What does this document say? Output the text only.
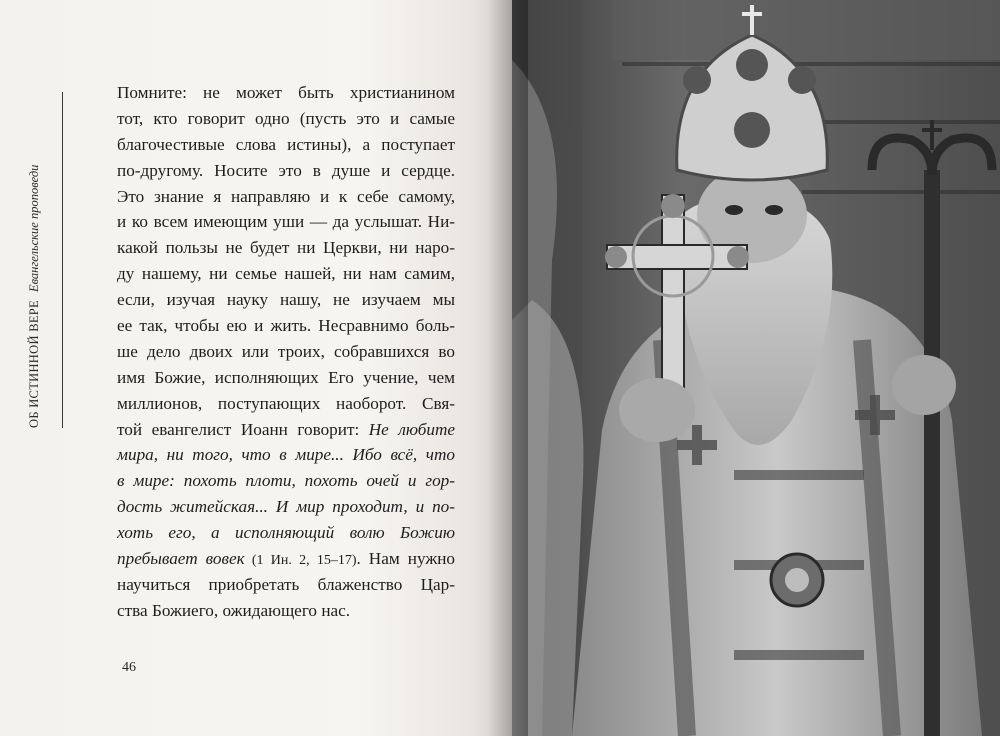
ОБ ИСТИННОЙ ВЕРЕ Евангельские проповеди
Помните: не может быть христианином
тот, кто говорит одно (пусть это и самые
благочестивые слова истины), а поступает
по-другому. Носите это в душе и сердце.
Это знание я направляю и к себе самому,
и ко всем имеющим уши — да услышат. Ни-
какой пользы не будет ни Церкви, ни наро-
ду нашему, ни семье нашей, ни нам самим,
если, изучая науку нашу, не изучаем мы
ее так, чтобы ею и жить. Несравнимо боль-
ше дело двоих или троих, собравшихся во
имя Божие, исполняющих Его учение, чем
миллионов, поступающих наоборот. Свя-
той евангелист Иоанн говорит: Не любите
мира, ни того, что в мире... Ибо всё, что
в мире: похоть плоти, похоть очей и гор-
дость житейская... И мир проходит, и по-
хоть его, а исполняющий волю Божию
пребывает вовек (1 Ин. 2, 15–17). Нам нужно
научиться приобретать блаженство Цар-
ства Божиего, ожидающего нас.
46
